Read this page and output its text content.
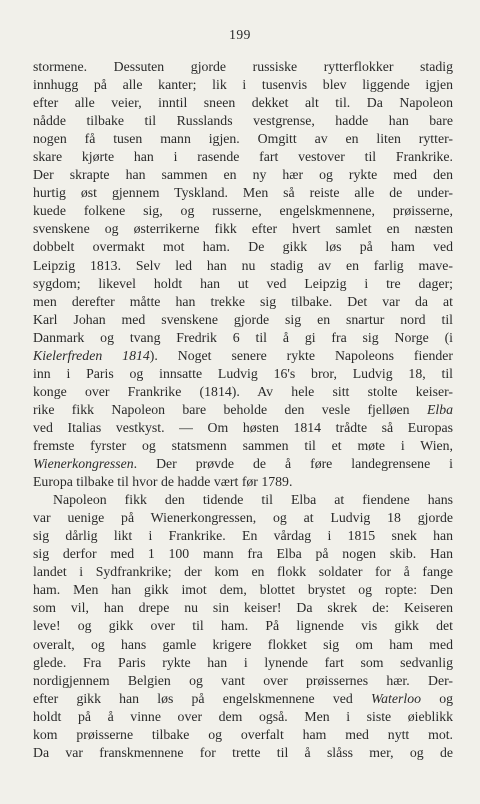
199
stormene. Dessuten gjorde russiske rytterflokker stadig
innhugg på alle kanter; lik i tusenvis blev liggende igjen
efter alle veier, inntil sneen dekket alt til. Da Napoleon
nådde tilbake til Russlands vestgrense, hadde han bare
nogen få tusen mann igjen. Omgitt av en liten rytter-
skare kjørte han i rasende fart vestover til Frankrike.
Der skrapte han sammen en ny hær og rykte med den
hurtig øst gjennem Tyskland. Men så reiste alle de under-
kuede folkene sig, og russerne, engelskmennene, prøisserne,
svenskene og østerrikerne fikk efter hvert samlet en næsten
dobbelt overmakt mot ham. De gikk løs på ham ved
Leipzig 1813. Selv led han nu stadig av en farlig mave-
sygdom; likevel holdt han ut ved Leipzig i tre dager;
men derefter måtte han trekke sig tilbake. Det var da at
Karl Johan med svenskene gjorde sig en snartur nord til
Danmark og tvang Fredrik 6 til å gi fra sig Norge (i
Kielerfreden 1814). Noget senere rykte Napoleons fiender
inn i Paris og innsatte Ludvig 16's bror, Ludvig 18, til
konge over Frankrike (1814). Av hele sitt stolte keiser-
rike fikk Napoleon bare beholde den vesle fjelløen Elba
ved Italias vestkyst. — Om høsten 1814 trådte så Europas
fremste fyrster og statsmenn sammen til et møte i Wien,
Wienerkongressen. Der prøvde de å føre landegrensene i
Europa tilbake til hvor de hadde vært før 1789.
Napoleon fikk den tidende til Elba at fiendene hans
var uenige på Wienerkongressen, og at Ludvig 18 gjorde
sig dårlig likt i Frankrike. En vårdag i 1815 snek han
sig derfor med 1 100 mann fra Elba på nogen skib. Han
landet i Sydfrankrike; der kom en flokk soldater for å fange
ham. Men han gikk imot dem, blottet brystet og ropte: Den
som vil, han drepe nu sin keiser! Da skrek de: Keiseren
leve! og gikk over til ham. På lignende vis gikk det
overalt, og hans gamle krigere flokket sig om ham med
glede. Fra Paris rykte han i lynende fart som sedvanlig
nordigjennem Belgien og vant over prøissernes hær. Der-
efter gikk han løs på engelskmennene ved Waterloo og
holdt på å vinne over dem også. Men i siste øieblikk
kom prøisserne tilbake og overfalt ham med nytt mot.
Da var franskmennene for trette til å slåss mer, og de
